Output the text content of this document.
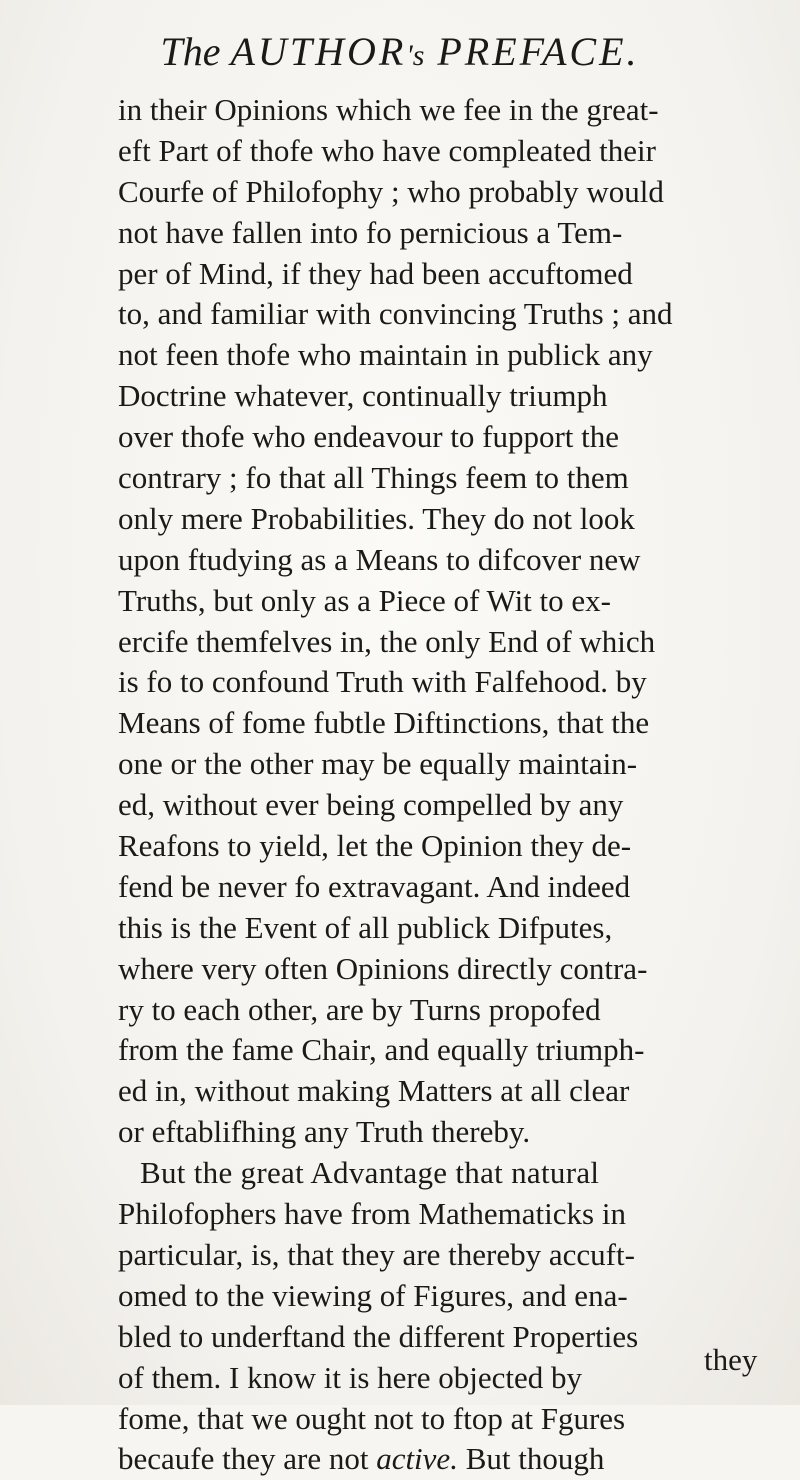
The AUTHOR's PREFACE.
in their Opinions which we fee in the great-
eft Part of thofe who have compleated their
Courfe of Philofophy ; who probably would
not have fallen into fo pernicious a Tem-
per of Mind, if they had been accuftomed
to, and familiar with convincing Truths ; and
not feen thofe who maintain in publick any
Doctrine whatever, continually triumph
over thofe who endeavour to fupport the
contrary ; fo that all Things feem to them
only mere Probabilities. They do not look
upon ftudying as a Means to difcover new
Truths, but only as a Piece of Wit to ex-
ercife themfelves in, the only End of which
is fo to confound Truth with Falfehood. by
Means of fome fubtle Diftinctions, that the
one or the other may be equally maintain-
ed, without ever being compelled by any
Reafons to yield, let the Opinion they de-
fend be never fo extravagant. And indeed
this is the Event of all publick Difputes,
where very often Opinions directly contra-
ry to each other, are by Turns propofed
from the fame Chair, and equally triumph-
ed in, without making Matters at all clear
or eftablifhing any Truth thereby.
But the great Advantage that natural
Philofophers have from Mathematicks in
particular, is, that they are thereby accuft-
omed to the viewing of Figures, and ena-
bled to underftand the different Properties
of them. I know it is here objected by
fome, that we ought not to ftop at Fgures
becaufe they are not active. But though
they
